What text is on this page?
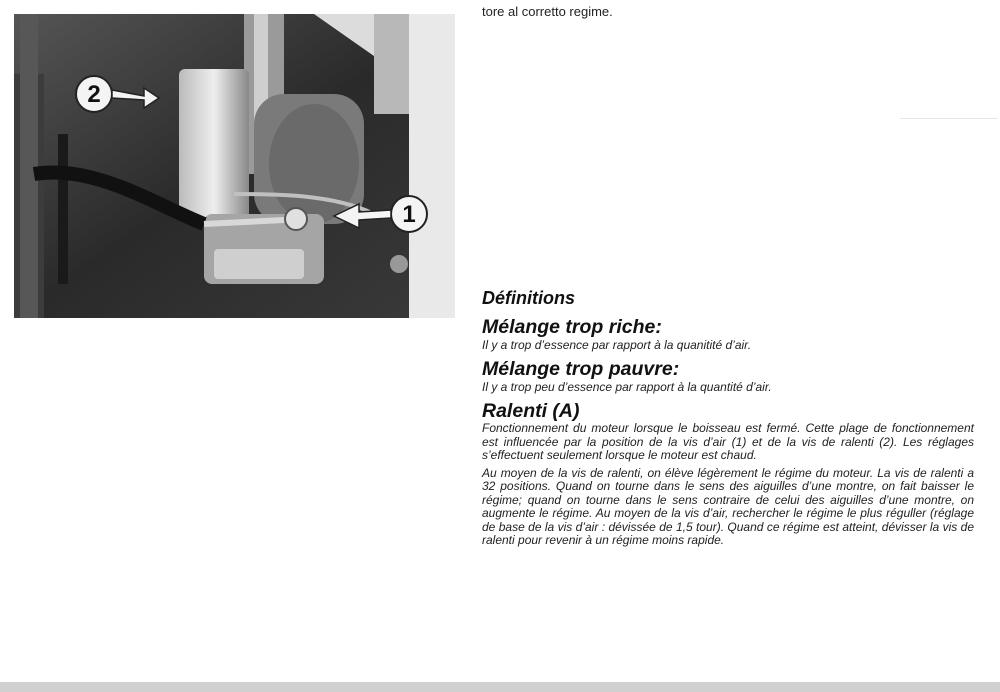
tore al corretto regime.
2
1

Définitions

Mélange trop riche:

Il y a trop d’essence par rapport à la quanitité d’air.

Mélange trop pauvre:

Il y a trop peu d’essence par rapport à la quantité d’air.

Ralenti (A)

Fonctionnement du moteur lorsque le boisseau est fermé. Cette plage de fonctionnement est influencée par la position de la vis d’air (1) et de la vis de ralenti (2). Les réglages s’effectuent seulement lorsque le moteur est chaud.

Au moyen de la vis de ralenti, on élève légèrement le régime du moteur. La vis de ralenti a 32 positions. Quand on tourne dans le sens des aiguilles d’une montre, on fait baisser le régime; quand on tourne dans le sens contraire de celui des aiguilles d’une montre, on augmente le régime. Au moyen de la vis d’air, rechercher le régime le plus réguller (réglage de base de la vis d’air : dévissée de 1,5 tour). Quand ce régime est atteint, dévisser la vis de ralenti pour revenir à un régime moins rapide.
